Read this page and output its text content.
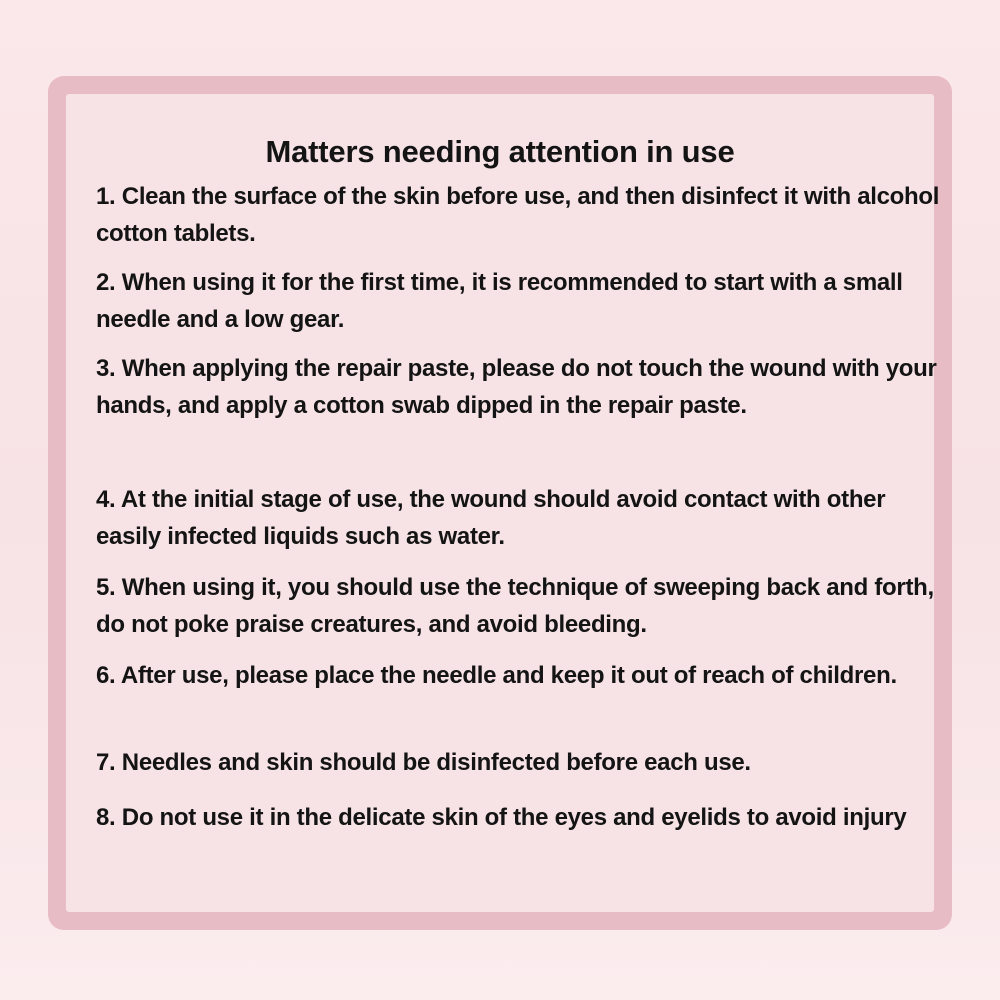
Matters needing attention in use

1. Clean the surface of the skin before use, and then disinfect it with alcohol cotton tablets.

2. When using it for the first time, it is recommended to start with a small needle and a low gear.

3. When applying the repair paste, please do not touch the wound with your hands, and apply a cotton swab dipped in the repair paste.

4. At the initial stage of use, the wound should avoid contact with other easily infected liquids such as water.

5. When using it, you should use the technique of sweeping back and forth, do not poke praise creatures, and avoid bleeding.

6. After use, please place the needle and keep it out of reach of children.

7. Needles and skin should be disinfected before each use.

8. Do not use it in the delicate skin of the eyes and eyelids to avoid injury
